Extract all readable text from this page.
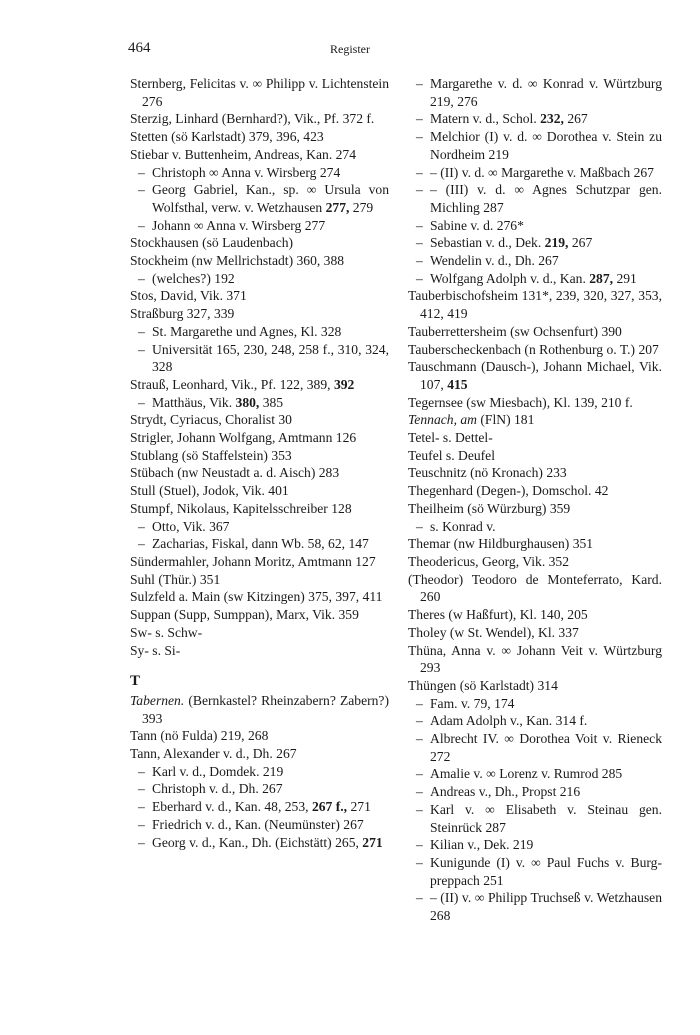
464	Register
Sternberg, Felicitas v. ∞ Philipp v. Lichtenstein 276
Sterzig, Linhard (Bernhard?), Vik., Pf. 372 f.
Stetten (sö Karlstadt) 379, 396, 423
Stiebar v. Buttenheim, Andreas, Kan. 274
– Christoph ∞ Anna v. Wirsberg 274
– Georg Gabriel, Kan., sp. ∞ Ursula von Wolfsthal, verw. v. Wetzhausen 277, 279
– Johann ∞ Anna v. Wirsberg 277
Stockhausen (sö Laudenbach)
Stockheim (nw Mellrichstadt) 360, 388
– (welches?) 192
Stos, David, Vik. 371
Straßburg 327, 339
– St. Margarethe und Agnes, Kl. 328
– Universität 165, 230, 248, 258 f., 310, 324, 328
Strauß, Leonhard, Vik., Pf. 122, 389, 392
– Matthäus, Vik. 380, 385
Strydt, Cyriacus, Choralist 30
Strigler, Johann Wolfgang, Amtmann 126
Stublang (sö Staffelstein) 353
Stübach (nw Neustadt a. d. Aisch) 283
Stull (Stuel), Jodok, Vik. 401
Stumpf, Nikolaus, Kapitelsschreiber 128
– Otto, Vik. 367
– Zacharias, Fiskal, dann Wb. 58, 62, 147
Sündermahler, Johann Moritz, Amtmann 127
Suhl (Thür.) 351
Sulzfeld a. Main (sw Kitzingen) 375, 397, 411
Suppan (Supp, Sumppan), Marx, Vik. 359
Sw- s. Schw-
Sy- s. Si-
T
Tabernen. (Bernkastel? Rheinzabern? Zabern?) 393
Tann (nö Fulda) 219, 268
Tann, Alexander v. d., Dh. 267
– Karl v. d., Domdek. 219
– Christoph v. d., Dh. 267
– Eberhard v. d., Kan. 48, 253, 267 f., 271
– Friedrich v. d., Kan. (Neumünster) 267
– Georg v. d., Kan., Dh. (Eichstätt) 265, 271
– Margarethe v. d. ∞ Konrad v. Würtzburg 219, 276
– Matern v. d., Schol. 232, 267
– Melchior (I) v. d. ∞ Dorothea v. Stein zu Nordheim 219
– – (II) v. d. ∞ Margarethe v. Maßbach 267
– – (III) v. d. ∞ Agnes Schutzpar gen. Michling 287
– Sabine v. d. 276*
– Sebastian v. d., Dek. 219, 267
– Wendelin v. d., Dh. 267
– Wolfgang Adolph v. d., Kan. 287, 291
Tauberbischofsheim 131*, 239, 320, 327, 353, 412, 419
Tauberrettersheim (sw Ochsenfurt) 390
Tauberscheckenbach (n Rothenburg o. T.) 207
Tauschmann (Dausch-), Johann Michael, Vik. 107, 415
Tegernsee (sw Miesbach), Kl. 139, 210 f.
Tennach, am (FlN) 181
Tetel- s. Dettel-
Teufel s. Deufel
Teuschnitz (nö Kronach) 233
Thegenhard (Degen-), Domschol. 42
Theilheim (sö Würzburg) 359
– s. Konrad v.
Themar (nw Hildburghausen) 351
Theodericus, Georg, Vik. 352
(Theodor) Teodoro de Monteferrato, Kard. 260
Theres (w Haßfurt), Kl. 140, 205
Tholey (w St. Wendel), Kl. 337
Thüna, Anna v. ∞ Johann Veit v. Würtzburg 293
Thüngen (sö Karlstadt) 314
– Fam. v. 79, 174
– Adam Adolph v., Kan. 314 f.
– Albrecht IV. ∞ Dorothea Voit v. Rieneck 272
– Amalie v. ∞ Lorenz v. Rumrod 285
– Andreas v., Dh., Propst 216
– Karl v. ∞ Elisabeth v. Steinau gen. Steinrück 287
– Kilian v., Dek. 219
– Kunigunde (I) v. ∞ Paul Fuchs v. Burgpreppach 251
– – (II) v. ∞ Philipp Truchseß v. Wetzhausen 268
